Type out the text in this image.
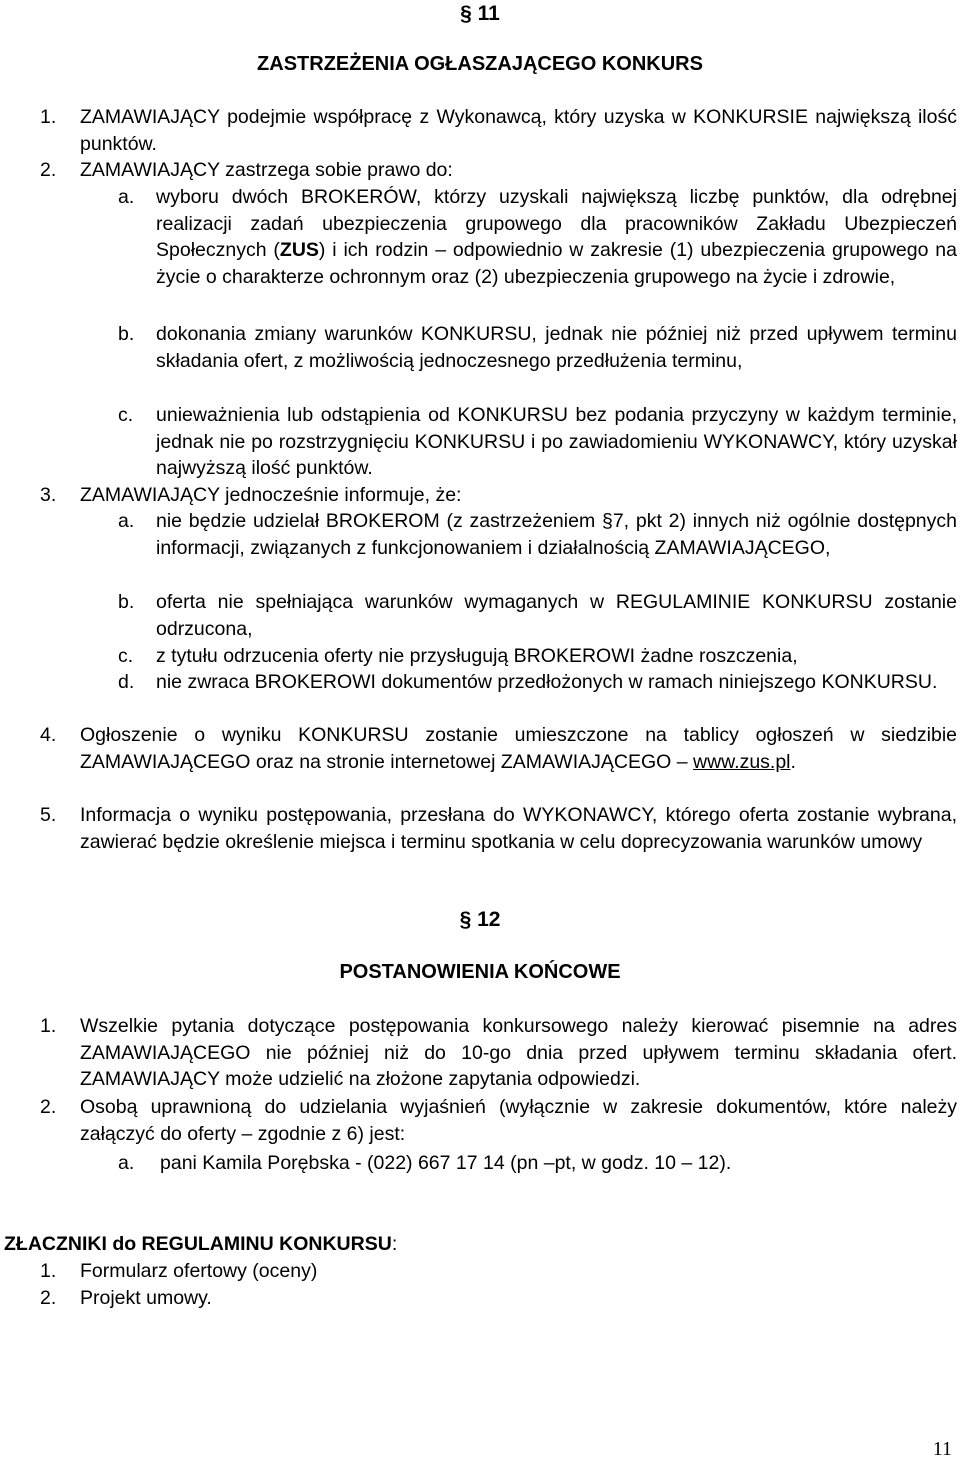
§ 11
ZASTRZEŻENIA OGŁASZAJĄCEGO KONKURS
1. ZAMAWIAJĄCY podejmie współpracę z Wykonawcą, który uzyska w KONKURSIE największą ilość punktów.
2. ZAMAWIAJĄCY zastrzega sobie prawo do:
a. wyboru dwóch BROKERÓW, którzy uzyskali największą liczbę punktów, dla odrębnej realizacji zadań ubezpieczenia grupowego dla pracowników Zakładu Ubezpieczeń Społecznych (ZUS) i ich rodzin – odpowiednio w zakresie (1) ubezpieczenia grupowego na życie o charakterze ochronnym oraz (2) ubezpieczenia grupowego na życie i zdrowie,
b. dokonania zmiany warunków KONKURSU, jednak nie później niż przed upływem terminu składania ofert, z możliwością jednoczesnego przedłużenia terminu,
c. unieważnienia lub odstąpienia od KONKURSU bez podania przyczyny w każdym terminie, jednak nie po rozstrzygnięciu KONKURSU i po zawiadomieniu WYKONAWCY, który uzyskał najwyższą ilość punktów.
3. ZAMAWIAJĄCY jednocześnie informuje, że:
a. nie będzie udzielał BROKEROM (z zastrzeżeniem §7, pkt 2) innych niż ogólnie dostępnych informacji, związanych z funkcjonowaniem i działalnością ZAMAWIAJĄCEGO,
b. oferta nie spełniająca warunków wymaganych w REGULAMINIE KONKURSU zostanie odrzucona,
c. z tytułu odrzucenia oferty nie przysługują BROKEROWI żadne roszczenia,
d. nie zwraca BROKEROWI dokumentów przedłożonych w ramach niniejszego KONKURSU.
4. Ogłoszenie o wyniku KONKURSU zostanie umieszczone na tablicy ogłoszeń w siedzibie ZAMAWIAJĄCEGO oraz na stronie internetowej ZAMAWIAJĄCEGO – www.zus.pl.
5. Informacja o wyniku postępowania, przesłana do WYKONAWCY, którego oferta zostanie wybrana, zawierać będzie określenie miejsca i terminu spotkania w celu doprecyzowania warunków umowy
§ 12
POSTANOWIENIA KOŃCOWE
1. Wszelkie pytania dotyczące postępowania konkursowego należy kierować pisemnie na adres ZAMAWIAJĄCEGO nie później niż do 10-go dnia przed upływem terminu składania ofert. ZAMAWIAJĄCY może udzielić na złożone zapytania odpowiedzi.
2. Osobą uprawnioną do udzielania wyjaśnień (wyłącznie w zakresie dokumentów, które należy załączyć do oferty – zgodnie z 6) jest:
a. pani Kamila Porębska - (022) 667 17 14 (pn –pt, w godz. 10 – 12).
ZŁACZNIKI do REGULAMINU KONKURSU:
1. Formularz ofertowy (oceny)
2. Projekt umowy.
11
